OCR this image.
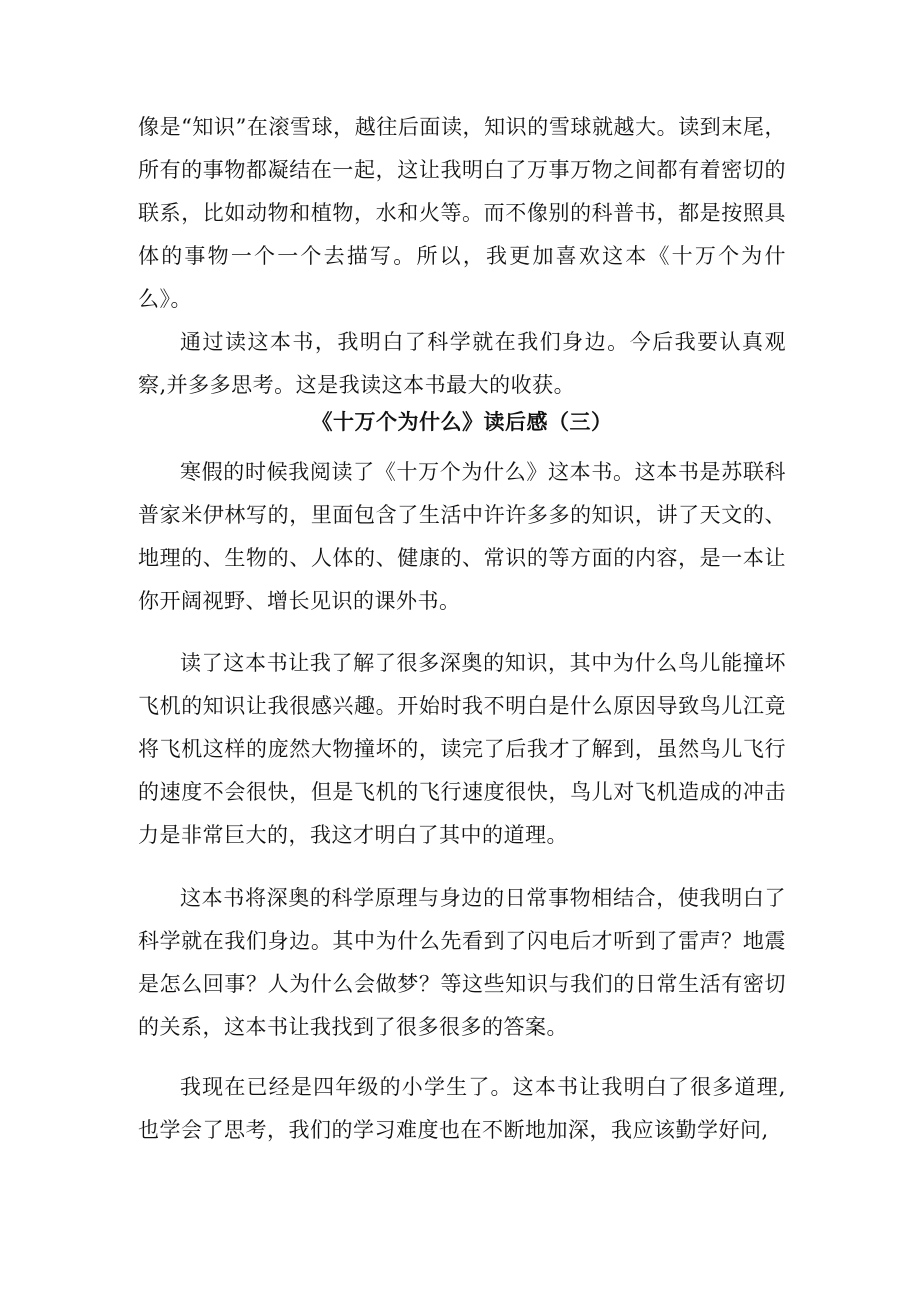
像是“知识”在滚雪球，越往后面读，知识的雪球就越大。读到末尾，所有的事物都凝结在一起，这让我明白了万事万物之间都有着密切的联系，比如动物和植物，水和火等。而不像别的科普书，都是按照具体的事物一个一个去描写。所以，我更加喜欢这本《十万个为什么》。

通过读这本书，我明白了科学就在我们身边。今后我要认真观察,并多多思考。这是我读这本书最大的收获。

《十万个为什么》读后感（三）

寒假的时候我阅读了《十万个为什么》这本书。这本书是苏联科普家米伊林写的，里面包含了生活中许许多多的知识，讲了天文的、地理的、生物的、人体的、健康的、常识的等方面的内容，是一本让你开阔视野、增长见识的课外书。

读了这本书让我了解了很多深奥的知识，其中为什么鸟儿能撞坏飞机的知识让我很感兴趣。开始时我不明白是什么原因导致鸟儿江竟将飞机这样的庞然大物撞坏的，读完了后我才了解到，虽然鸟儿飞行的速度不会很快，但是飞机的飞行速度很快，鸟儿对飞机造成的冲击力是非常巨大的，我这才明白了其中的道理。

这本书将深奥的科学原理与身边的日常事物相结合，使我明白了科学就在我们身边。其中为什么先看到了闪电后才听到了雷声？地震是怎么回事？人为什么会做梦？等这些知识与我们的日常生活有密切的关系，这本书让我找到了很多很多的答案。

我现在已经是四年级的小学生了。这本书让我明白了很多道理,也学会了思考，我们的学习难度也在不断地加深，我应该勤学好问,
